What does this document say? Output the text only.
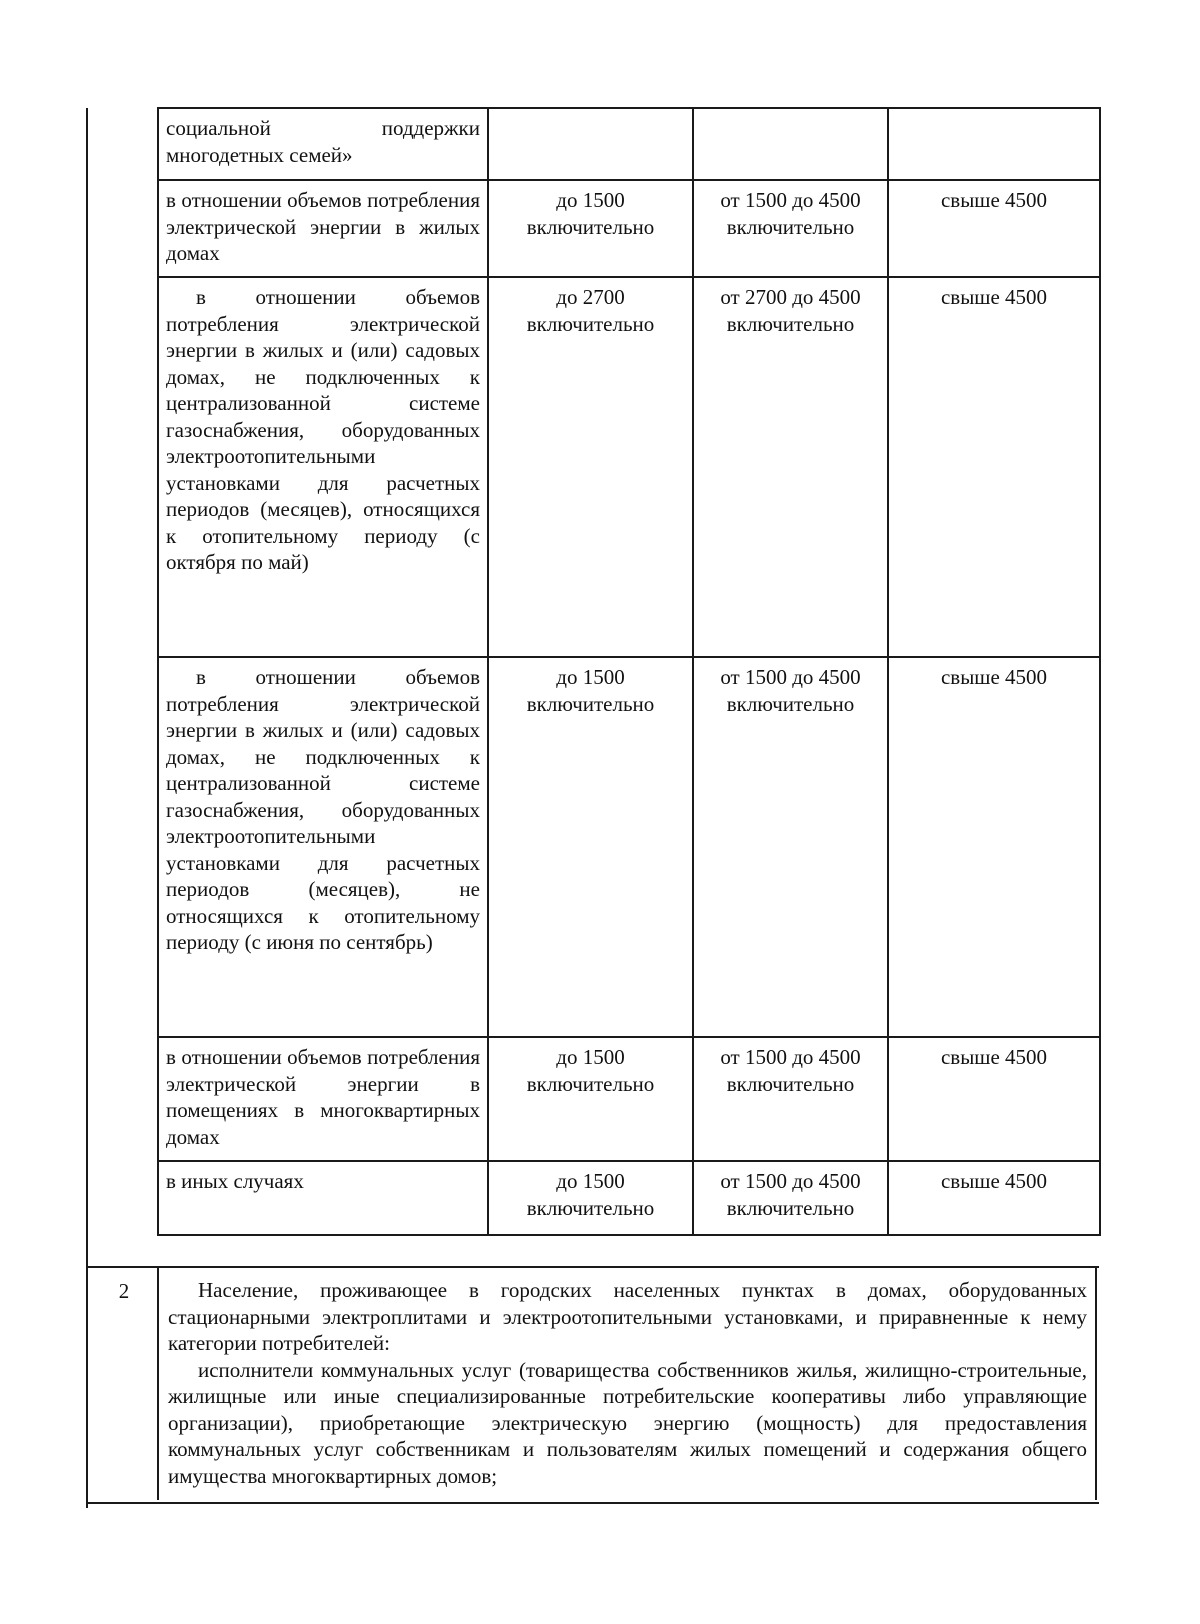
социальной поддержки многодетных семей»			
в отношении объемов потребления электрической энергии в жилых домах	до 1500 включительно	от 1500 до 4500 включительно	свыше 4500
в отношении объемов потребления электрической энергии в жилых и (или) садовых домах, не подключенных к централизованной системе газоснабжения, оборудованных электроотопительными установками для расчетных периодов (месяцев), относящихся к отопительному периоду (с октября по май)	до 2700 включительно	от 2700 до 4500 включительно	свыше 4500
в отношении объемов потребления электрической энергии в жилых и (или) садовых домах, не подключенных к централизованной системе газоснабжения, оборудованных электроотопительными установками для расчетных периодов (месяцев), не относящихся к отопительному периоду (с июня по сентябрь)	до 1500 включительно	от 1500 до 4500 включительно	свыше 4500
в отношении объемов потребления электрической энергии в помещениях в многоквартирных домах	до 1500 включительно	от 1500 до 4500 включительно	свыше 4500
в иных случаях	до 1500 включительно	от 1500 до 4500 включительно	свыше 4500
2	Население, проживающее в городских населенных пунктах в домах, оборудованных стационарными электроплитами и электроотопительными установками, и приравненные к нему категории потребителей:

исполнители коммунальных услуг (товарищества собственников жилья, жилищно-строительные, жилищные или иные специализированные потребительские кооперативы либо управляющие организации), приобретающие электрическую энергию (мощность) для предоставления коммунальных услуг собственникам и пользователям жилых помещений и содержания общего имущества многоквартирных домов;
